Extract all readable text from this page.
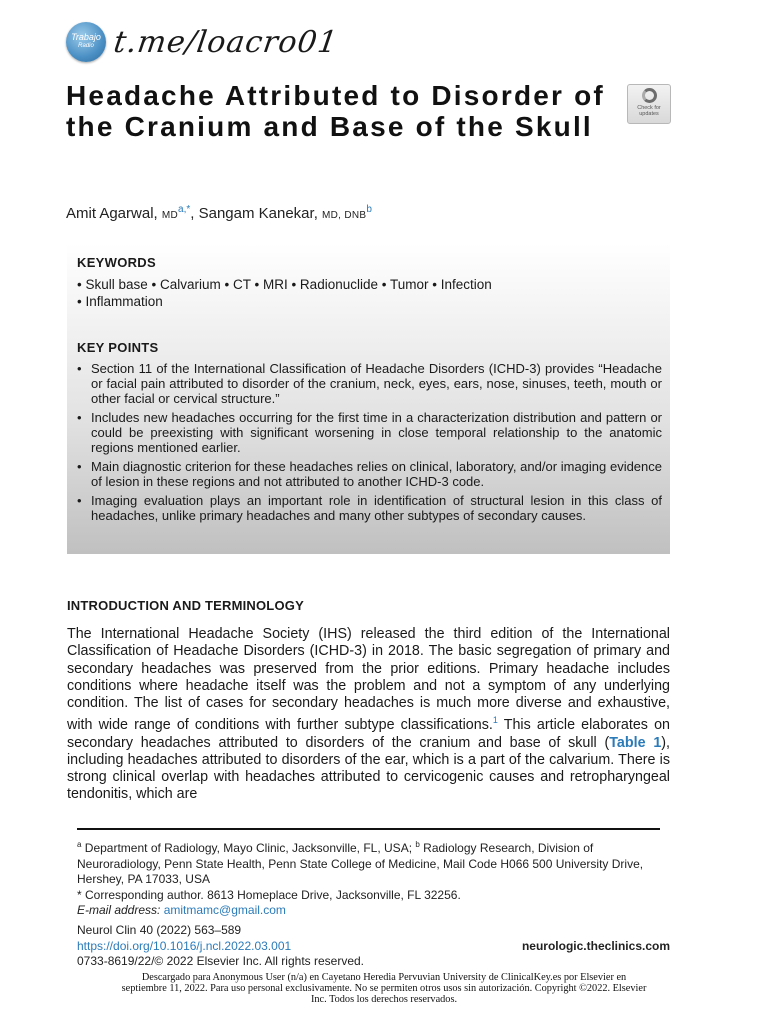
Trabajo
Radio t.me/loacro01
Headache Attributed to Disorder of the Cranium and Base of the Skull
Check for updates
Amit Agarwal, $MD^{a,*}$, Sangam Kanekar, MD, DNB$^b$
KEYWORDS
• Skull base • Calvarium • CT • MRI • Radionuclide • Tumor • Infection
• Inflammation
KEY POINTS
• Section 11 of the International Classification of Headache Disorders (ICHD-3) provides “Headache or facial pain attributed to disorder of the cranium, neck, eyes, ears, nose, sinuses, teeth, mouth or other facial or cervical structure.”
• Includes new headaches occurring for the first time in a characterization distribution and pattern or could be preexisting with significant worsening in close temporal relationship to the anatomic regions mentioned earlier.
• Main diagnostic criterion for these headaches relies on clinical, laboratory, and/or imaging evidence of lesion in these regions and not attributed to another ICHD-3 code.
• Imaging evaluation plays an important role in identification of structural lesion in this class of headaches, unlike primary headaches and many other subtypes of secondary causes.
INTRODUCTION AND TERMINOLOGY

The International Headache Society (IHS) released the third edition of the International Classification of Headache Disorders (ICHD-3) in 2018. The basic segregation of primary and secondary headaches was preserved from the prior editions. Primary headache includes conditions where headache itself was the problem and not a symptom of any underlying condition. The list of cases for secondary headaches is much more diverse and exhaustive, with wide range of conditions with further subtype classifications.$^1$ This article elaborates on secondary headaches attributed to disorders of the cranium and base of skull (Table 1), including headaches attributed to disorders of the ear, which is a part of the calvarium. There is strong clinical overlap with headaches attributed to cervicogenic causes and retropharyngeal tendonitis, which are

$^a$ Department of Radiology, Mayo Clinic, Jacksonville, FL, USA; $^b$ Radiology Research, Division of Neuroradiology, Penn State Health, Penn State College of Medicine, Mail Code H066 500 University Drive, Hershey, PA 17033, USA

* Corresponding author. 8613 Homeplace Drive, Jacksonville, FL 32256.

E-mail address: amitmamc@gmail.com

Neurol Clin 40 (2022) 563–589
https://doi.org/10.1016/j.ncl.2022.03.001
0733-8619/22/© 2022 Elsevier Inc. All rights reserved.
neurologic.theclinics.com
Descargado para Anonymous User (n/a) en Cayetano Heredia Pervuvian University de ClinicalKey.es por Elsevier en septiembre 11, 2022. Para uso personal exclusivamente. No se permiten otros usos sin autorización. Copyright ©2022. Elsevier Inc. Todos los derechos reservados.
